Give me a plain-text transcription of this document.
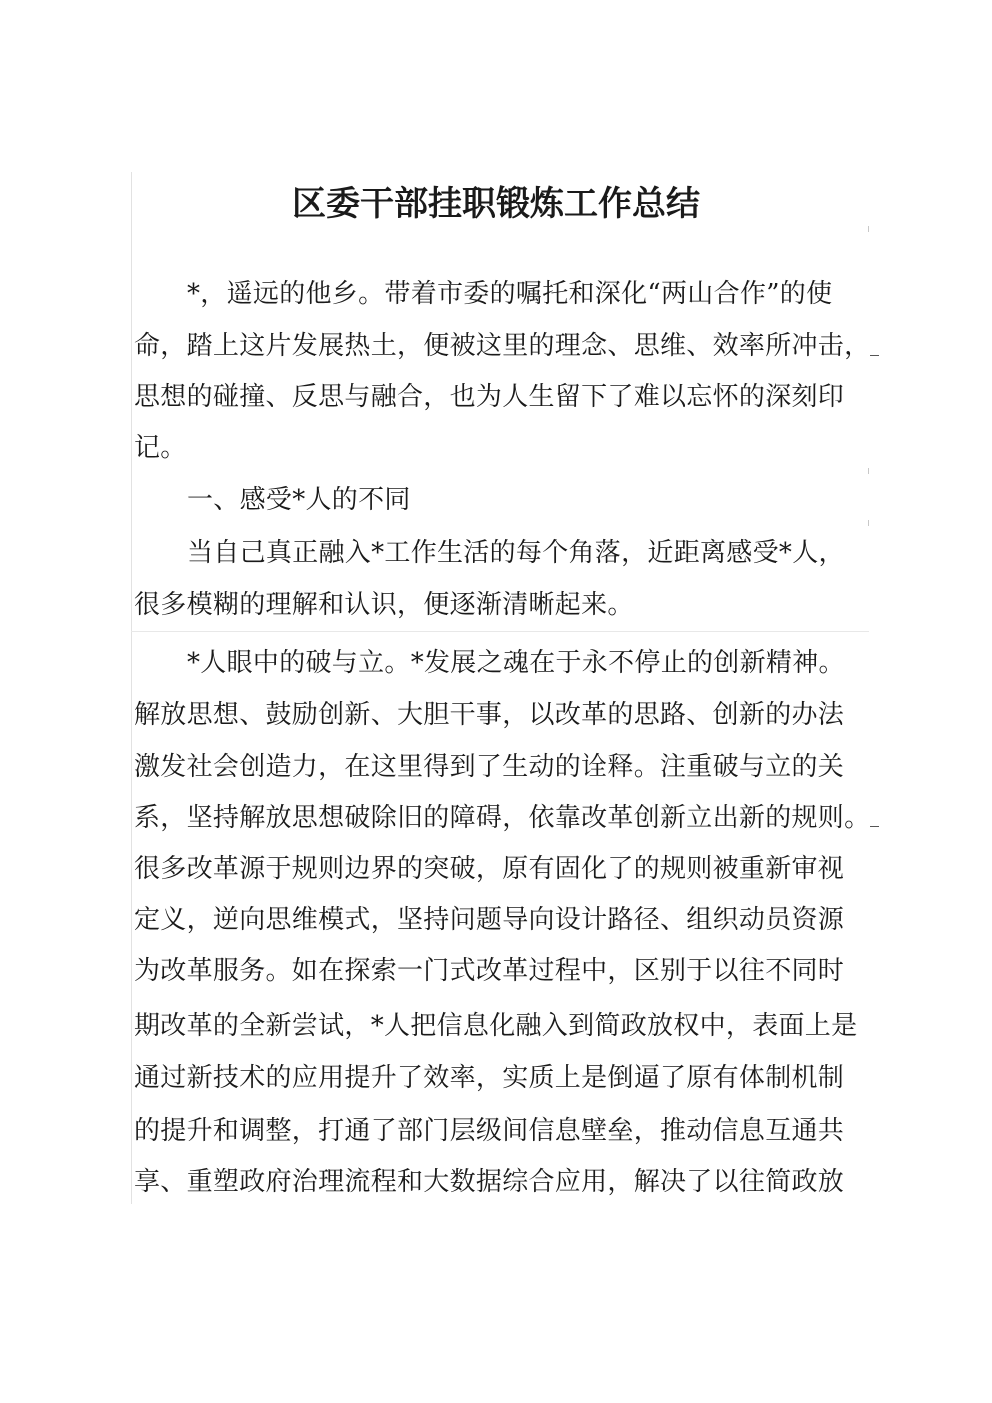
区委干部挂职锻炼工作总结
*，遥远的他乡。带着市委的嘱托和深化“两山合作”的使
命，踏上这片发展热土，便被这里的理念、思维、效率所冲击，
思想的碰撞、反思与融合，也为人生留下了难以忘怀的深刻印
记。
一、感受*人的不同
当自己真正融入*工作生活的每个角落，近距离感受*人，
很多模糊的理解和认识，便逐渐清晰起来。
*人眼中的破与立。*发展之魂在于永不停止的创新精神。
解放思想、鼓励创新、大胆干事，以改革的思路、创新的办法
激发社会创造力，在这里得到了生动的诠释。注重破与立的关
系，坚持解放思想破除旧的障碍，依靠改革创新立出新的规则。
很多改革源于规则边界的突破，原有固化了的规则被重新审视
定义，逆向思维模式，坚持问题导向设计路径、组织动员资源
为改革服务。如在探索一门式改革过程中，区别于以往不同时
期改革的全新尝试，*人把信息化融入到简政放权中，表面上是
通过新技术的应用提升了效率，实质上是倒逼了原有体制机制
的提升和调整，打通了部门层级间信息壁垒，推动信息互通共
享、重塑政府治理流程和大数据综合应用，解决了以往简政放
